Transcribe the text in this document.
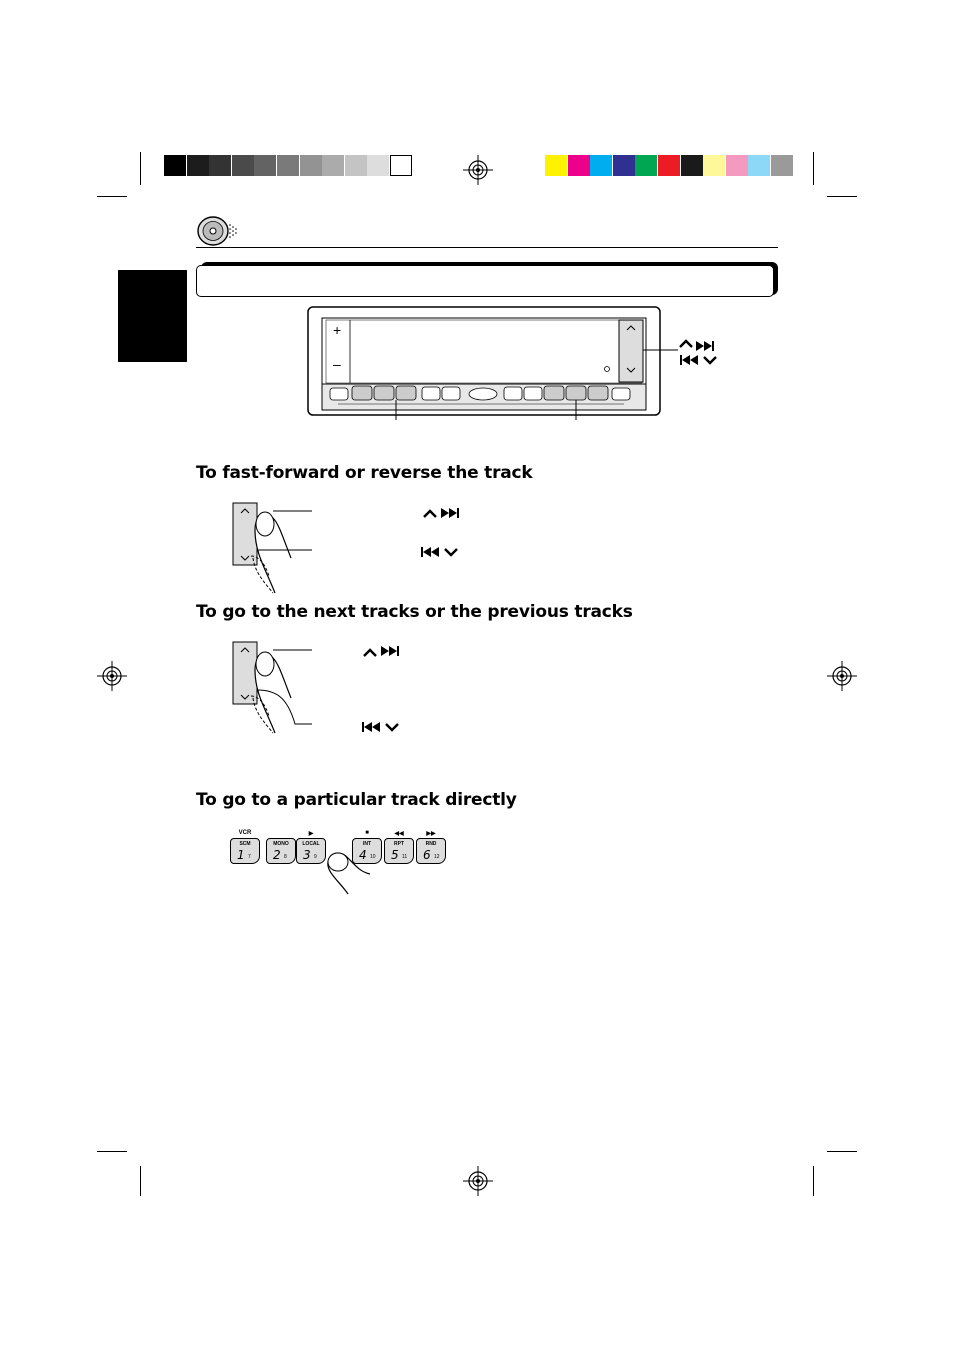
+
–
To fast-forward or reverse the track
To go to the next tracks or the previous tracks
To go to a particular track directly
VCR
SCM
1 7
MONO
2 8
▶
LOCAL
3 9
■
INT
4 10
◀◀
RPT
5 11
▶▶
RND
6 12
